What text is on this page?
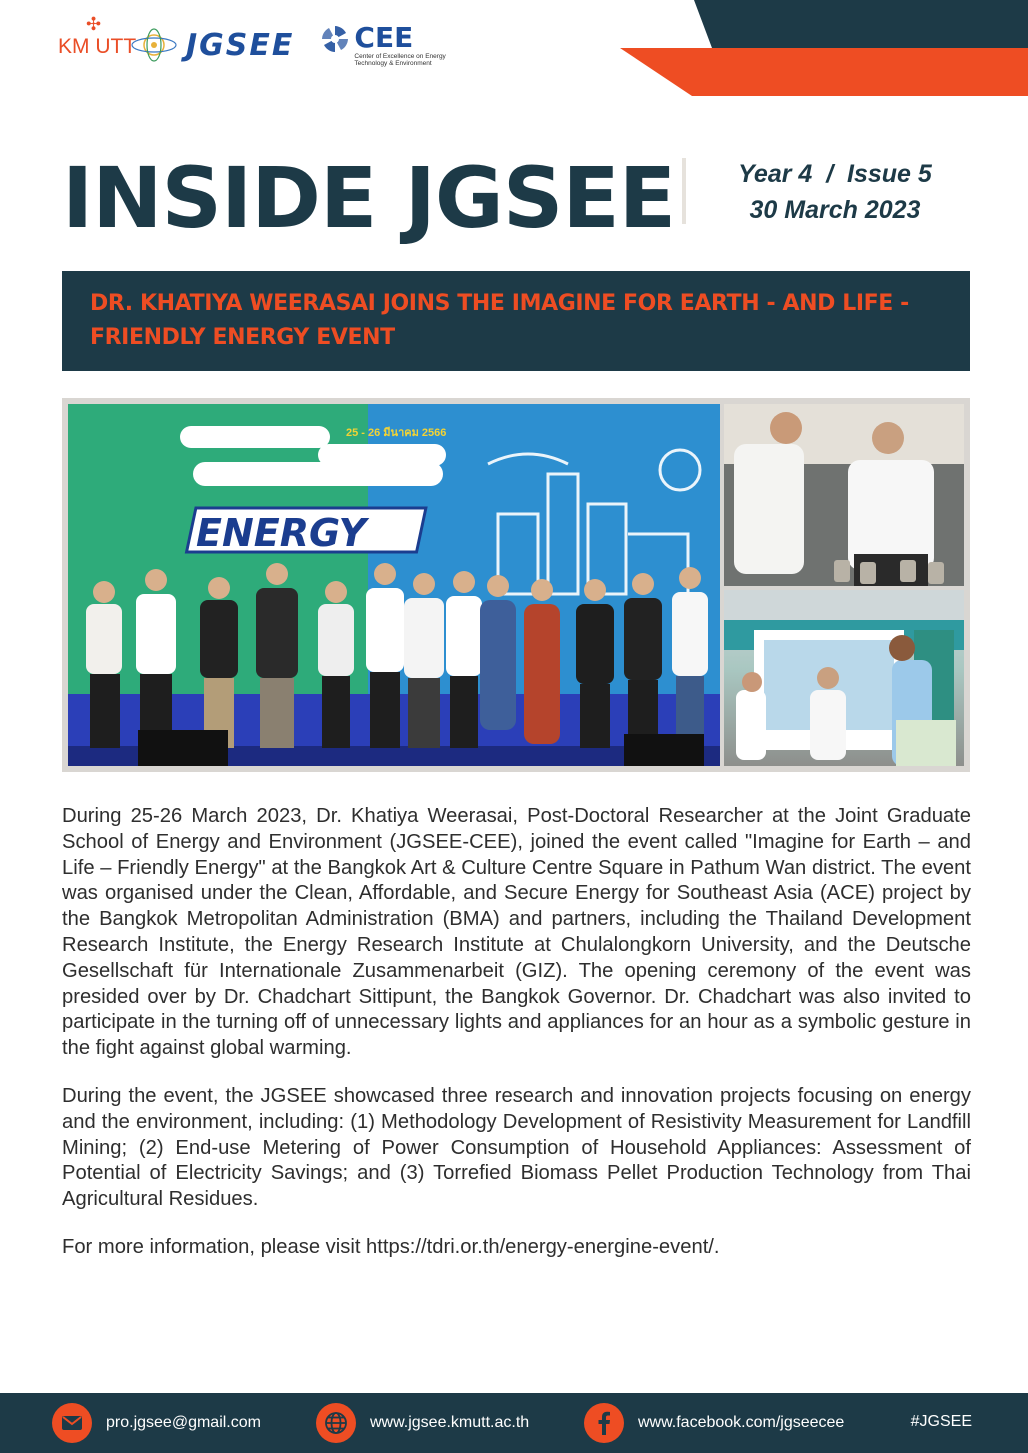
✣
KM UTT JGSEE CEE
Center of Excellence on Energy Technology & Environment
INSIDE JGSEE	Year 4  /  Issue 5
30 March 2023
DR. KHATIYA WEERASAI JOINS THE IMAGINE FOR EARTH - AND LIFE - FRIENDLY ENERGY EVENT
25 - 26 มีนาคม 2566
ENERGY

During 25-26 March 2023, Dr. Khatiya Weerasai, Post-Doctoral Researcher at the Joint Graduate School of Energy and Environment (JGSEE-CEE), joined the event called "Imagine for Earth – and Life – Friendly Energy" at the Bangkok Art & Culture Centre Square in Pathum Wan district. The event was organised under the Clean, Affordable, and Secure Energy for Southeast Asia (ACE) project by the Bangkok Metropolitan Administration (BMA) and partners, including the Thailand Development Research Institute, the Energy Research Institute at Chulalongkorn University, and the Deutsche Gesellschaft für Internationale Zusammenarbeit (GIZ). The opening ceremony of the event was presided over by Dr. Chadchart Sittipunt, the Bangkok Governor. Dr. Chadchart was also invited to participate in the turning off of unnecessary lights and appliances for an hour as a symbolic gesture in the fight against global warming.

During the event, the JGSEE showcased three research and innovation projects focusing on energy and the environment, including: (1) Methodology Development of Resistivity Measurement for Landfill Mining; (2) End-use Metering of Power Consumption of Household Appliances: Assessment of Potential of Electricity Savings; and (3) Torrefied Biomass Pellet Production Technology from Thai Agricultural Residues.

For more information, please visit https://tdri.or.th/energy-energine-event/.

pro.jgsee@gmail.com	www.jgsee.kmutt.ac.th	www.facebook.com/jgseecee	#JGSEE
